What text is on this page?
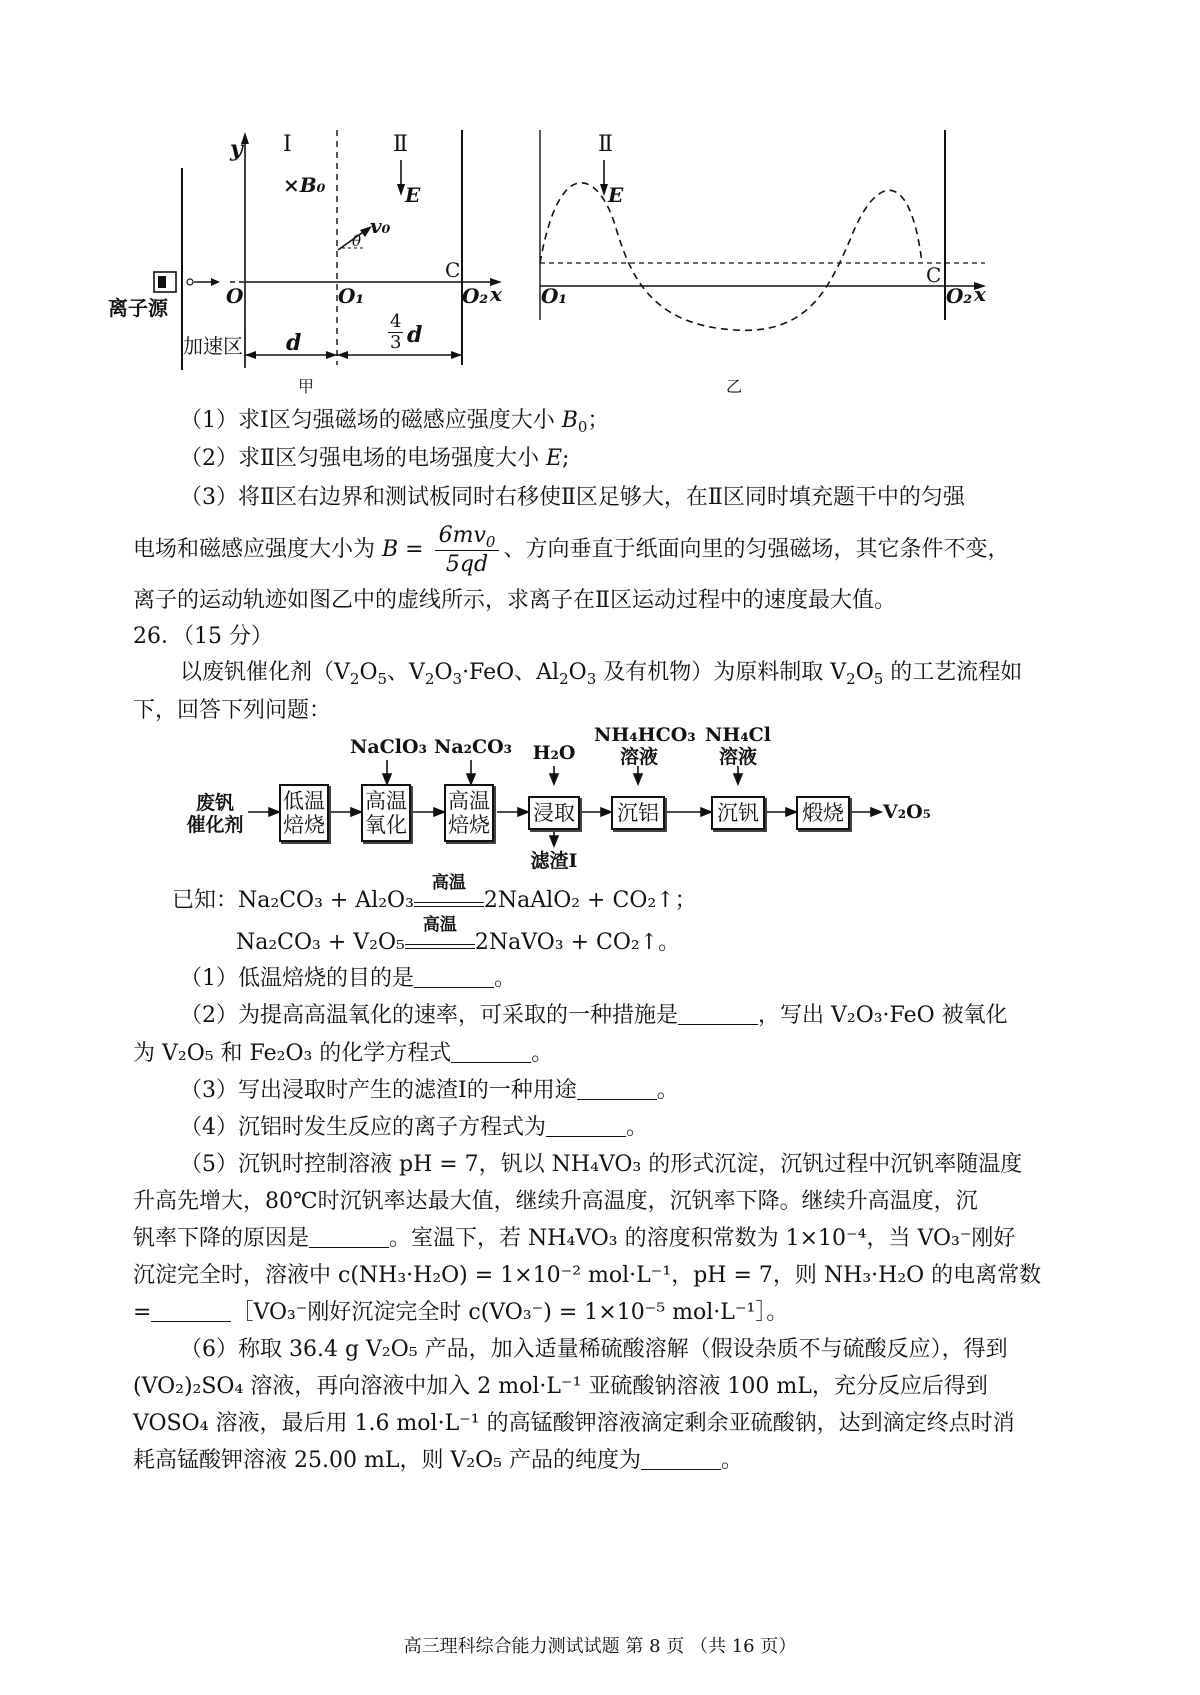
y Ⅰ	Ⅱ
×B₀	E
v₀
θ
C
O	O₁	O₂ x
离子源
加速区 d
4
3 d
甲
Ⅱ
E
C
O₁	O₂ x
乙
（1）求Ⅰ区匀强磁场的磁感应强度大小 $B_0$；
（2）求Ⅱ区匀强电场的电场强度大小 E;
（3）将Ⅱ区右边界和测试板同时右移使Ⅱ区足够大，在Ⅱ区同时填充题干中的匀强
电场和磁感应强度大小为 $B = \frac{6mv_0}{5qd}$ 、方向垂直于纸面向里的匀强磁场，其它条件不变，
离子的运动轨迹如图乙中的虚线所示，求离子在Ⅱ区运动过程中的速度最大值。
26．（15 分）
以废钒催化剂（$V_2O_5$、$V_2O_3\cdot FeO$、$Al_2O_3$ 及有机物）为原料制取 $V_2O_5$ 的工艺流程如
下，回答下列问题：
废钒
催化剂
低温
焙烧
高温
氧化
高温
焙烧 浸取 沉铝	沉钒 煅烧
NaClO₃ Na₂CO₃	H₂O
NH₄HCO₃
溶液
NH₄Cl
溶液
滤渣Ⅰ
V₂O₅
已知：Na₂CO₃ + Al₂O₃
高温
2NaAlO₂ + CO₂↑；
Na₂CO₃ + V₂O₅
高温
2NaVO₃ + CO₂↑。
（1）低温焙烧的目的是	。
（2）为提高高温氧化的速率，可采取的一种措施是	，写出 V₂O₃·FeO 被氧化
为 V₂O₅ 和 Fe₂O₃ 的化学方程式	。
（3）写出浸取时产生的滤渣Ⅰ的一种用途	。
（4）沉铝时发生反应的离子方程式为	。
（5）沉钒时控制溶液 pH = 7，钒以 NH₄VO₃ 的形式沉淀，沉钒过程中沉钒率随温度
升高先增大，80℃时沉钒率达最大值，继续升高温度，沉钒率下降。继续升高温度，沉
钒率下降的原因是	。室温下，若 NH₄VO₃ 的溶度积常数为 1×10⁻⁴，当 VO₃⁻刚好
沉淀完全时，溶液中 c(NH₃·H₂O) = 1×10⁻² mol·L⁻¹，pH = 7，则 NH₃·H₂O 的电离常数
=	［VO₃⁻刚好沉淀完全时 c(VO₃⁻) = 1×10⁻⁵ mol·L⁻¹］。
（6）称取 36.4 g V₂O₅ 产品，加入适量稀硫酸溶解（假设杂质不与硫酸反应），得到
(VO₂)₂SO₄ 溶液，再向溶液中加入 2 mol·L⁻¹ 亚硫酸钠溶液 100 mL，充分反应后得到
VOSO₄ 溶液，最后用 1.6 mol·L⁻¹ 的高锰酸钾溶液滴定剩余亚硫酸钠，达到滴定终点时消
耗高锰酸钾溶液 25.00 mL，则 V₂O₅ 产品的纯度为	。
高三理科综合能力测试试题 第 8 页 （共 16 页）
